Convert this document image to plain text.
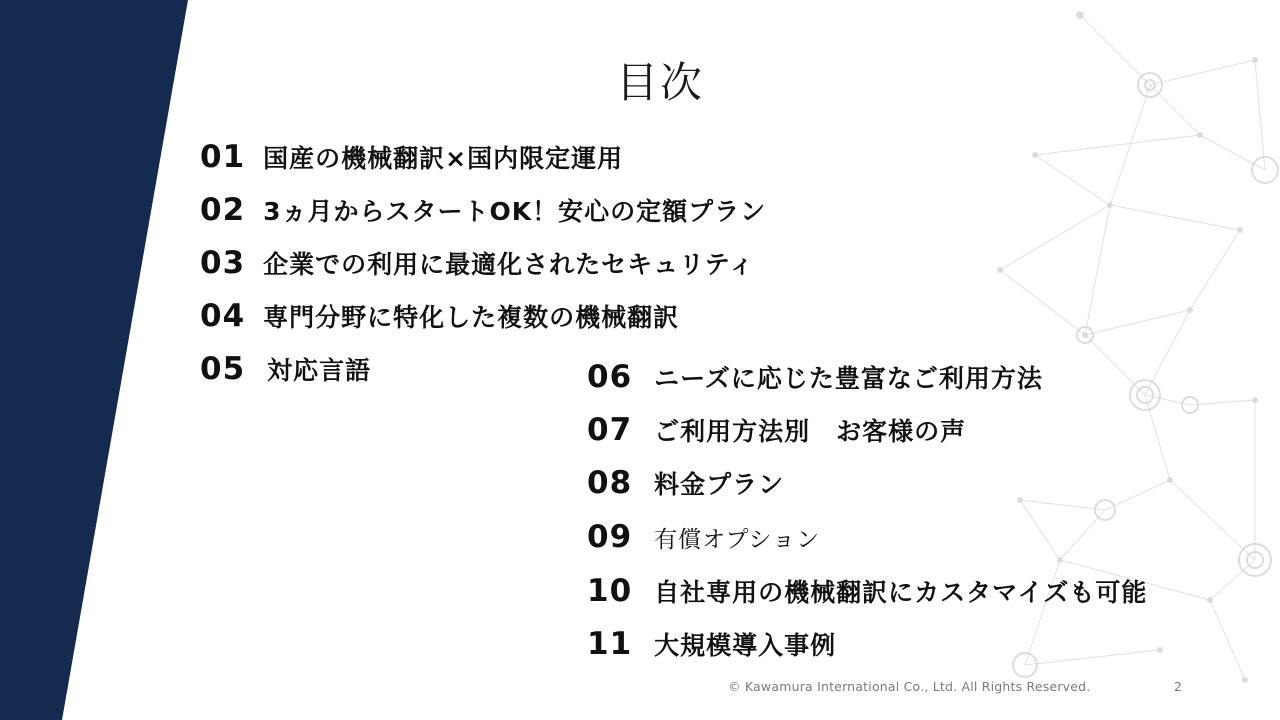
目次
01 国産の機械翻訳×国内限定運用
02 3ヵ月からスタートOK！安心の定額プラン
03 企業での利用に最適化されたセキュリティ
04 専門分野に特化した複数の機械翻訳
05 対応言語	06 ニーズに応じた豊富なご利用方法
07 ご利用方法別　お客様の声
08 料金プラン
09 有償オプション
10 自社専用の機械翻訳にカスタマイズも可能
11 大規模導入事例
© Kawamura International Co., Ltd. All Rights Reserved.	2
